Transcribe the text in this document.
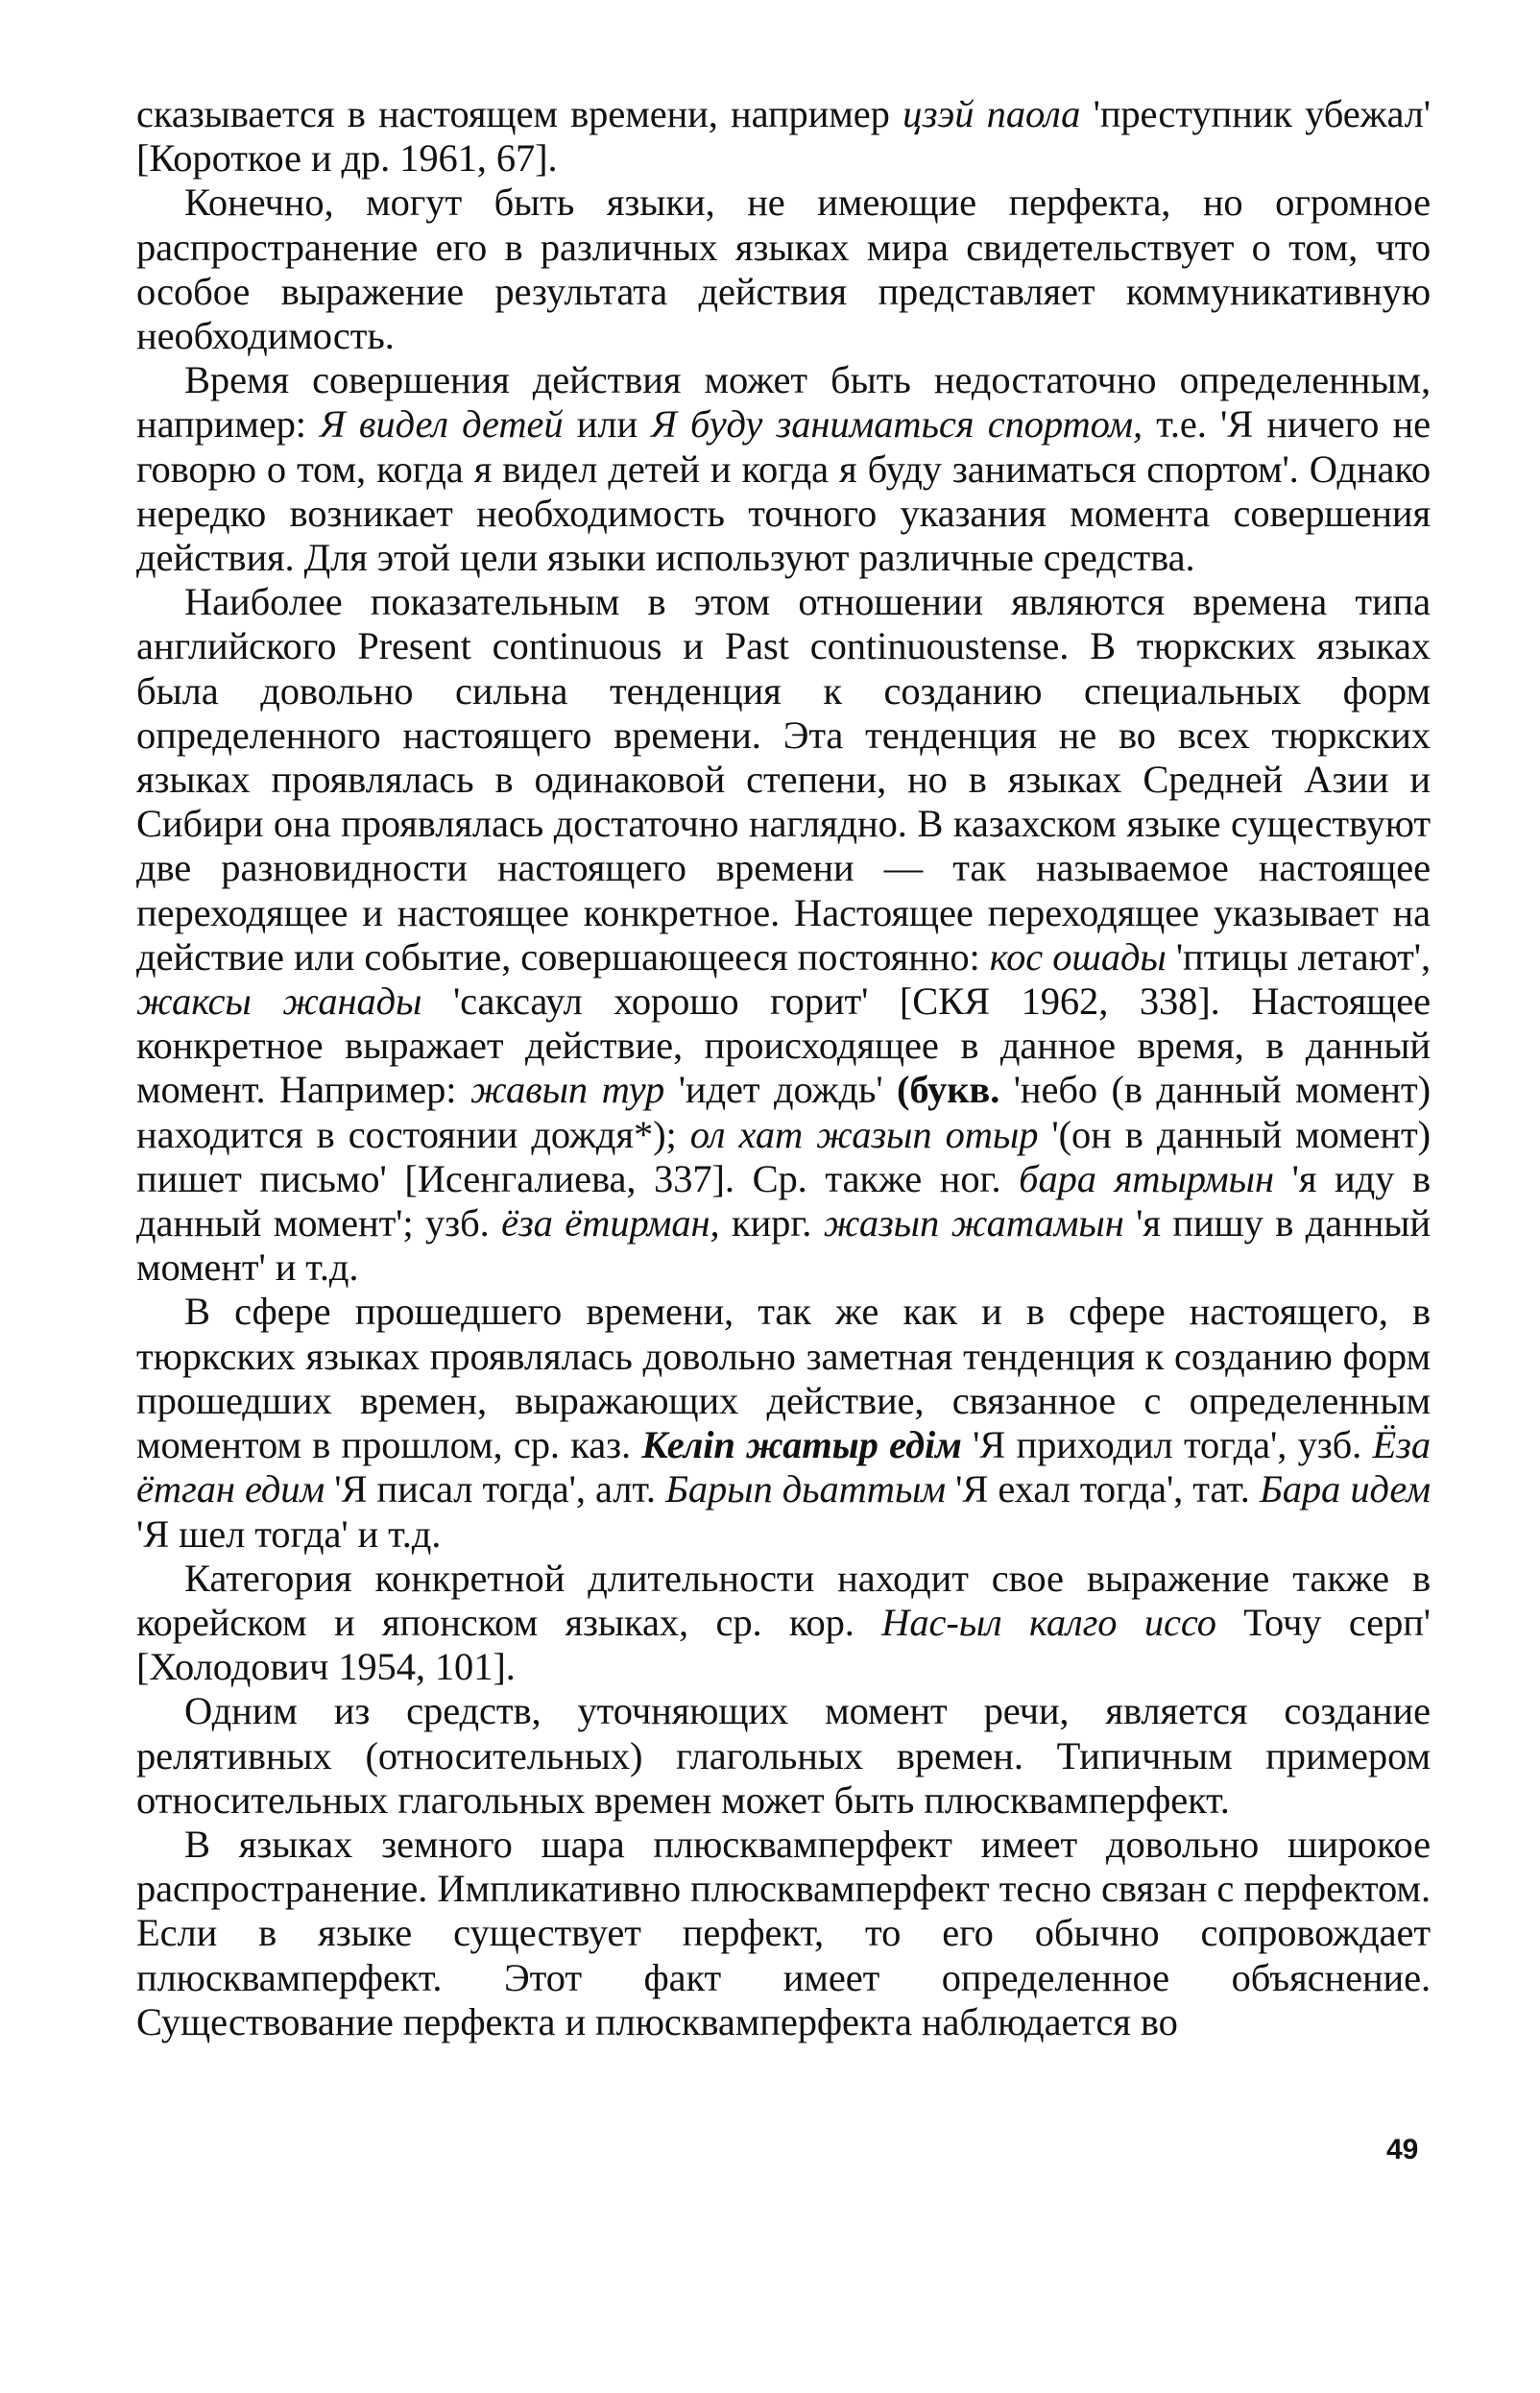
сказывается в настоящем времени, например цзэй паола 'преступник убежал' [Короткое и др. 1961, 67].

Конечно, могут быть языки, не имеющие перфекта, но огромное распространение его в различных языках мира свидетельствует о том, что особое выражение результата действия представляет коммуникативную необходимость.

Время совершения действия может быть недостаточно определенным, например: Я видел детей или Я буду заниматься спортом, т.е. 'Я ничего не говорю о том, когда я видел детей и когда я буду заниматься спортом'. Однако нередко возникает необходимость точного указания момента совершения действия. Для этой цели языки используют различные средства.

Наиболее показательным в этом отношении являются времена типа английского Present continuous и Past continuoustense. В тюркских языках была довольно сильна тенденция к созданию специальных форм определенного настоящего времени. Эта тенденция не во всех тюркских языках проявлялась в одинаковой степени, но в языках Средней Азии и Сибири она проявлялась достаточно наглядно. В казахском языке существуют две разновидности настоящего времени — так называемое настоящее переходящее и настоящее конкретное. Настоящее переходящее указывает на действие или событие, совершающееся постоянно: кос ошады 'птицы летают', жаксы жанады 'саксаул хорошо горит' [СКЯ 1962, 338]. Настоящее конкретное выражает действие, происходящее в данное время, в данный момент. Например: жавып тур 'идет дождь' (букв. 'небо (в данный момент) находится в состоянии дождя*); ол хат жазып отыр '(он в данный момент) пишет письмо' [Исенгалиева, 337]. Ср. также ног. бара ятырмын 'я иду в данный момент'; узб. ёза ётирман, кирг. жазып жатамын 'я пишу в данный момент' и т.д.

В сфере прошедшего времени, так же как и в сфере настоящего, в тюркских языках проявлялась довольно заметная тенденция к созданию форм прошедших времен, выражающих действие, связанное с определенным моментом в прошлом, ср. каз. Келiп жатыр едiм 'Я приходил тогда', узб. Ёза ётган едим 'Я писал тогда', алт. Барып дьаттым 'Я ехал тогда', тат. Бара идем 'Я шел тогда' и т.д.

Категория конкретной длительности находит свое выражение также в корейском и японском языках, ср. кор. Нас-ыл калго иссо Точу серп' [Холодович 1954, 101].

Одним из средств, уточняющих момент речи, является создание релятивных (относительных) глагольных времен. Типичным примером относительных глагольных времен может быть плюсквамперфект.

В языках земного шара плюсквамперфект имеет довольно широкое распространение. Импликативно плюсквамперфект тесно связан с перфектом. Если в языке существует перфект, то его обычно сопровождает плюсквамперфект. Этот факт имеет определенное объяснение. Существование перфекта и плюсквамперфекта наблюдается во

49
